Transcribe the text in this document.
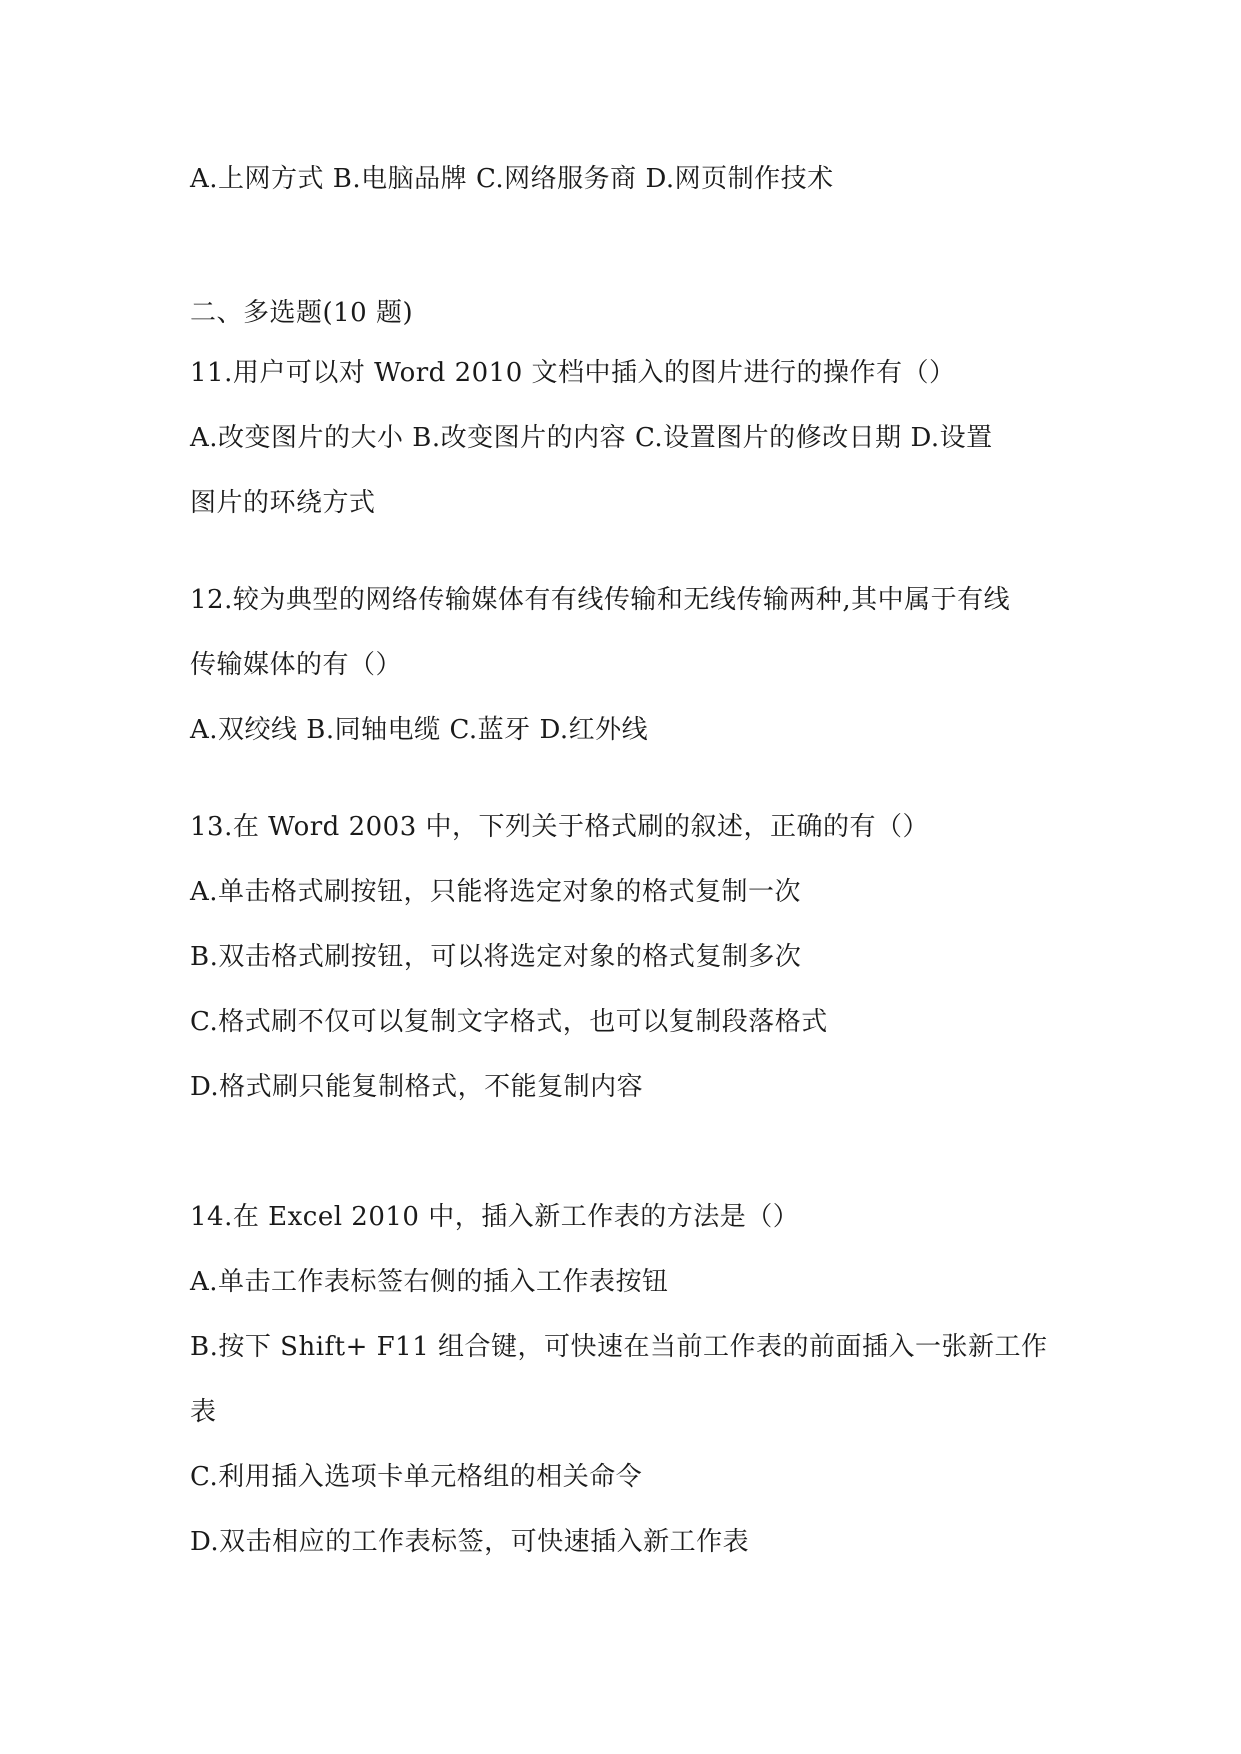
A.上网方式 B.电脑品牌 C.网络服务商 D.网页制作技术
二、多选题(10 题)
11.用户可以对 Word 2010 文档中插入的图片进行的操作有（）
A.改变图片的大小 B.改变图片的内容 C.设置图片的修改日期 D.设置
图片的环绕方式
12.较为典型的网络传输媒体有有线传输和无线传输两种,其中属于有线
传输媒体的有（）
A.双绞线 B.同轴电缆 C.蓝牙 D.红外线
13.在 Word 2003 中，下列关于格式刷的叙述，正确的有（）
A.单击格式刷按钮，只能将选定对象的格式复制一次
B.双击格式刷按钮，可以将选定对象的格式复制多次
C.格式刷不仅可以复制文字格式，也可以复制段落格式
D.格式刷只能复制格式，不能复制内容
14.在 Excel 2010 中，插入新工作表的方法是（）
A.单击工作表标签右侧的插入工作表按钮
B.按下 Shift+ F11 组合键，可快速在当前工作表的前面插入一张新工作
表
C.利用插入选项卡单元格组的相关命令
D.双击相应的工作表标签，可快速插入新工作表
